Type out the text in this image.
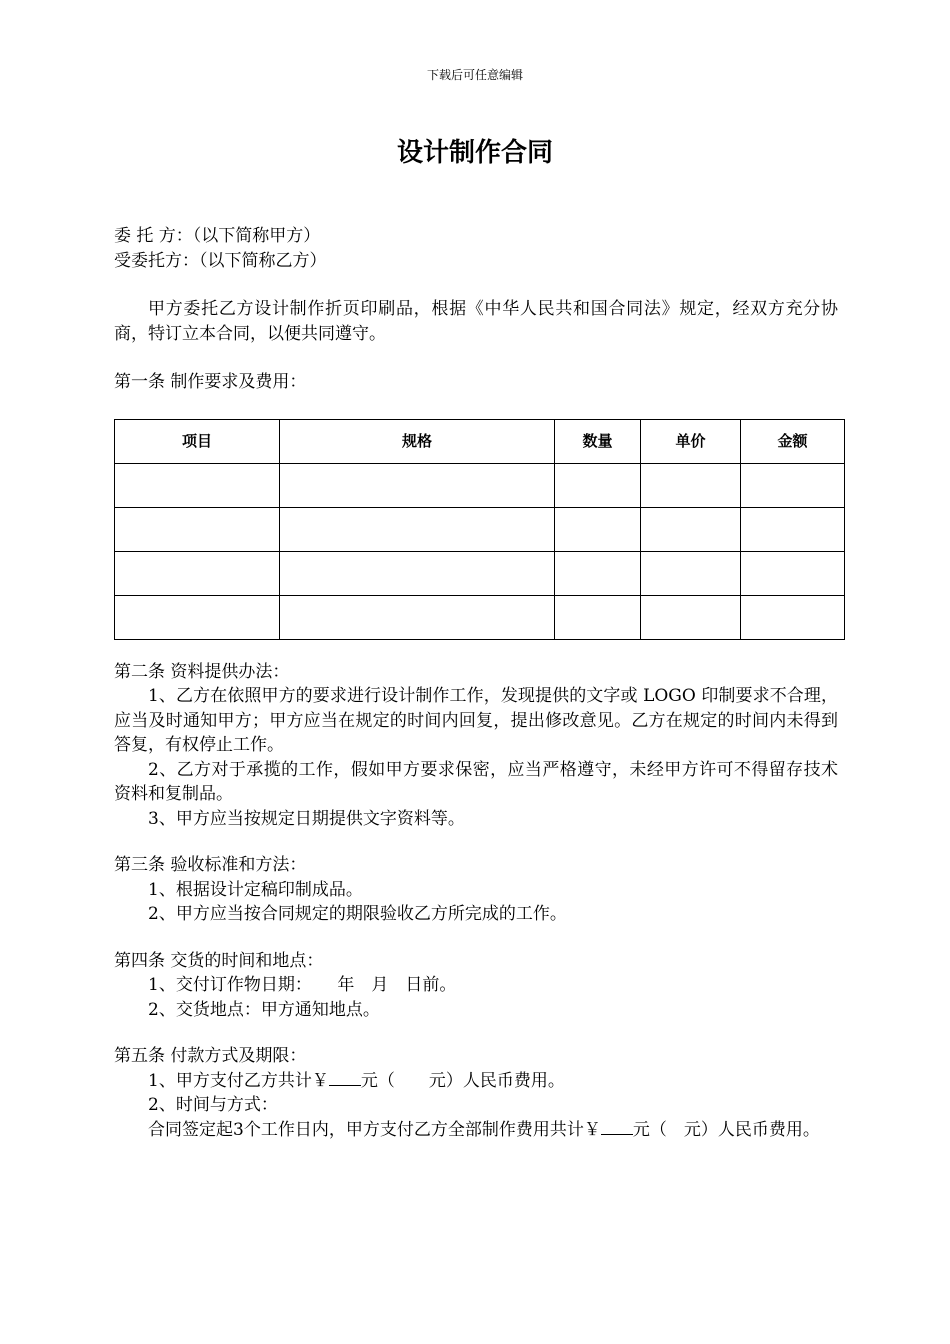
下载后可任意编辑
设计制作合同
委 托 方：（以下简称甲方）
受委托方：（以下简称乙方）
甲方委托乙方设计制作折页印刷品，根据《中华人民共和国合同法》规定，经双方充分协商，特订立本合同，以便共同遵守。
第一条 制作要求及费用：
项目	规格	数量	单价	金额

第二条 资料提供办法：
1、乙方在依照甲方的要求进行设计制作工作，发现提供的文字或 LOGO 印制要求不合理，应当及时通知甲方；甲方应当在规定的时间内回复，提出修改意见。乙方在规定的时间内未得到答复，有权停止工作。
2、乙方对于承揽的工作，假如甲方要求保密，应当严格遵守，未经甲方许可不得留存技术资料和复制品。
3、甲方应当按规定日期提供文字资料等。
第三条 验收标准和方法：
1、根据设计定稿印制成品。
2、甲方应当按合同规定的期限验收乙方所完成的工作。
第四条 交货的时间和地点：
1、交付订作物日期：　　年　月　日前。
2、交货地点：甲方通知地点。
第五条 付款方式及期限：
1、甲方支付乙方共计￥ 元（　　元）人民币费用。
2、时间与方式：
合同签定起3个工作日内，甲方支付乙方全部制作费用共计￥ 元（　元）人民币费用。
